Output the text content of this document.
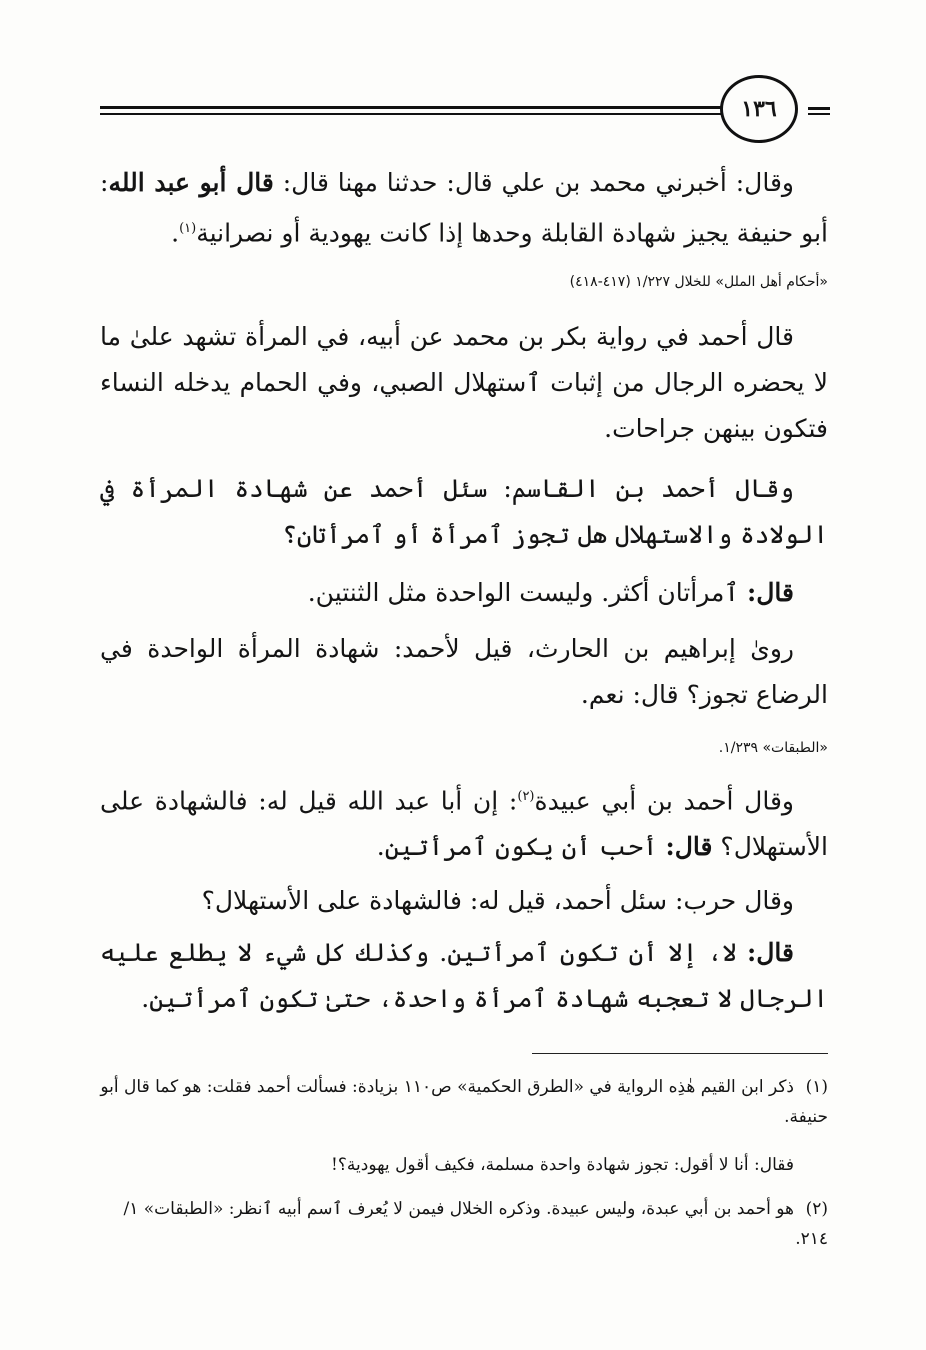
١٣٦

وقال: أخبرني محمد بن علي قال: حدثنا مهنا قال: قال أبو عبد الله: أبو حنيفة يجيز شهادة القابلة وحدها إذا كانت يهودية أو نصرانية$^{(١)}$.

«أحكام أهل الملل» للخلال ١/٢٢٧ (٤١٧-٤١٨)

قال أحمد في رواية بكر بن محمد عن أبيه، في المرأة تشهد علىٰ ما لا يحضره الرجال من إثبات ٱستهلال الصبي، وفي الحمام يدخله النساء فتكون بينهن جراحات.

وقال أحمد بن القاسم: سئل أحمد عن شهادة المرأة في الولادة والاستهلال هل تجوز ٱمرأة أو ٱمرأتان؟

قال: ٱمرأتان أكثر. وليست الواحدة مثل الثنتين.

روىٰ إبراهيم بن الحارث، قيل لأحمد: شهادة المرأة الواحدة في الرضاع تجوز؟ قال: نعم.

«الطبقات» ١/٢٣٩.

وقال أحمد بن أبي عبيدة$^{(٢)}$: إن أبا عبد الله قيل له: فالشهادة على الأستهلال؟ قال: أحب أن يكون ٱمرأتين.

وقال حرب: سئل أحمد، قيل له: فالشهادة على الأستهلال؟

قال: لا، إلا أن تكون ٱمرأتين. وكذلك كل شيء لا يطلع عليه الرجال لا تعجبه شهادة ٱمرأة واحدة، حتىٰ تكون ٱمرأتين.

(١)ذكر ابن القيم هٰذِه الرواية في «الطرق الحكمية» ص١١٠ بزيادة: فسألت أحمد فقلت: هو كما قال أبو حنيفة.
فقال: أنا لا أقول: تجوز شهادة واحدة مسلمة، فكيف أقول يهودية؟!
(٢)هو أحمد بن أبي عبدة، وليس عبيدة. وذكره الخلال فيمن لا يُعرف ٱسم أبيه ٱنظر: «الطبقات» ١/ ٢١٤.
